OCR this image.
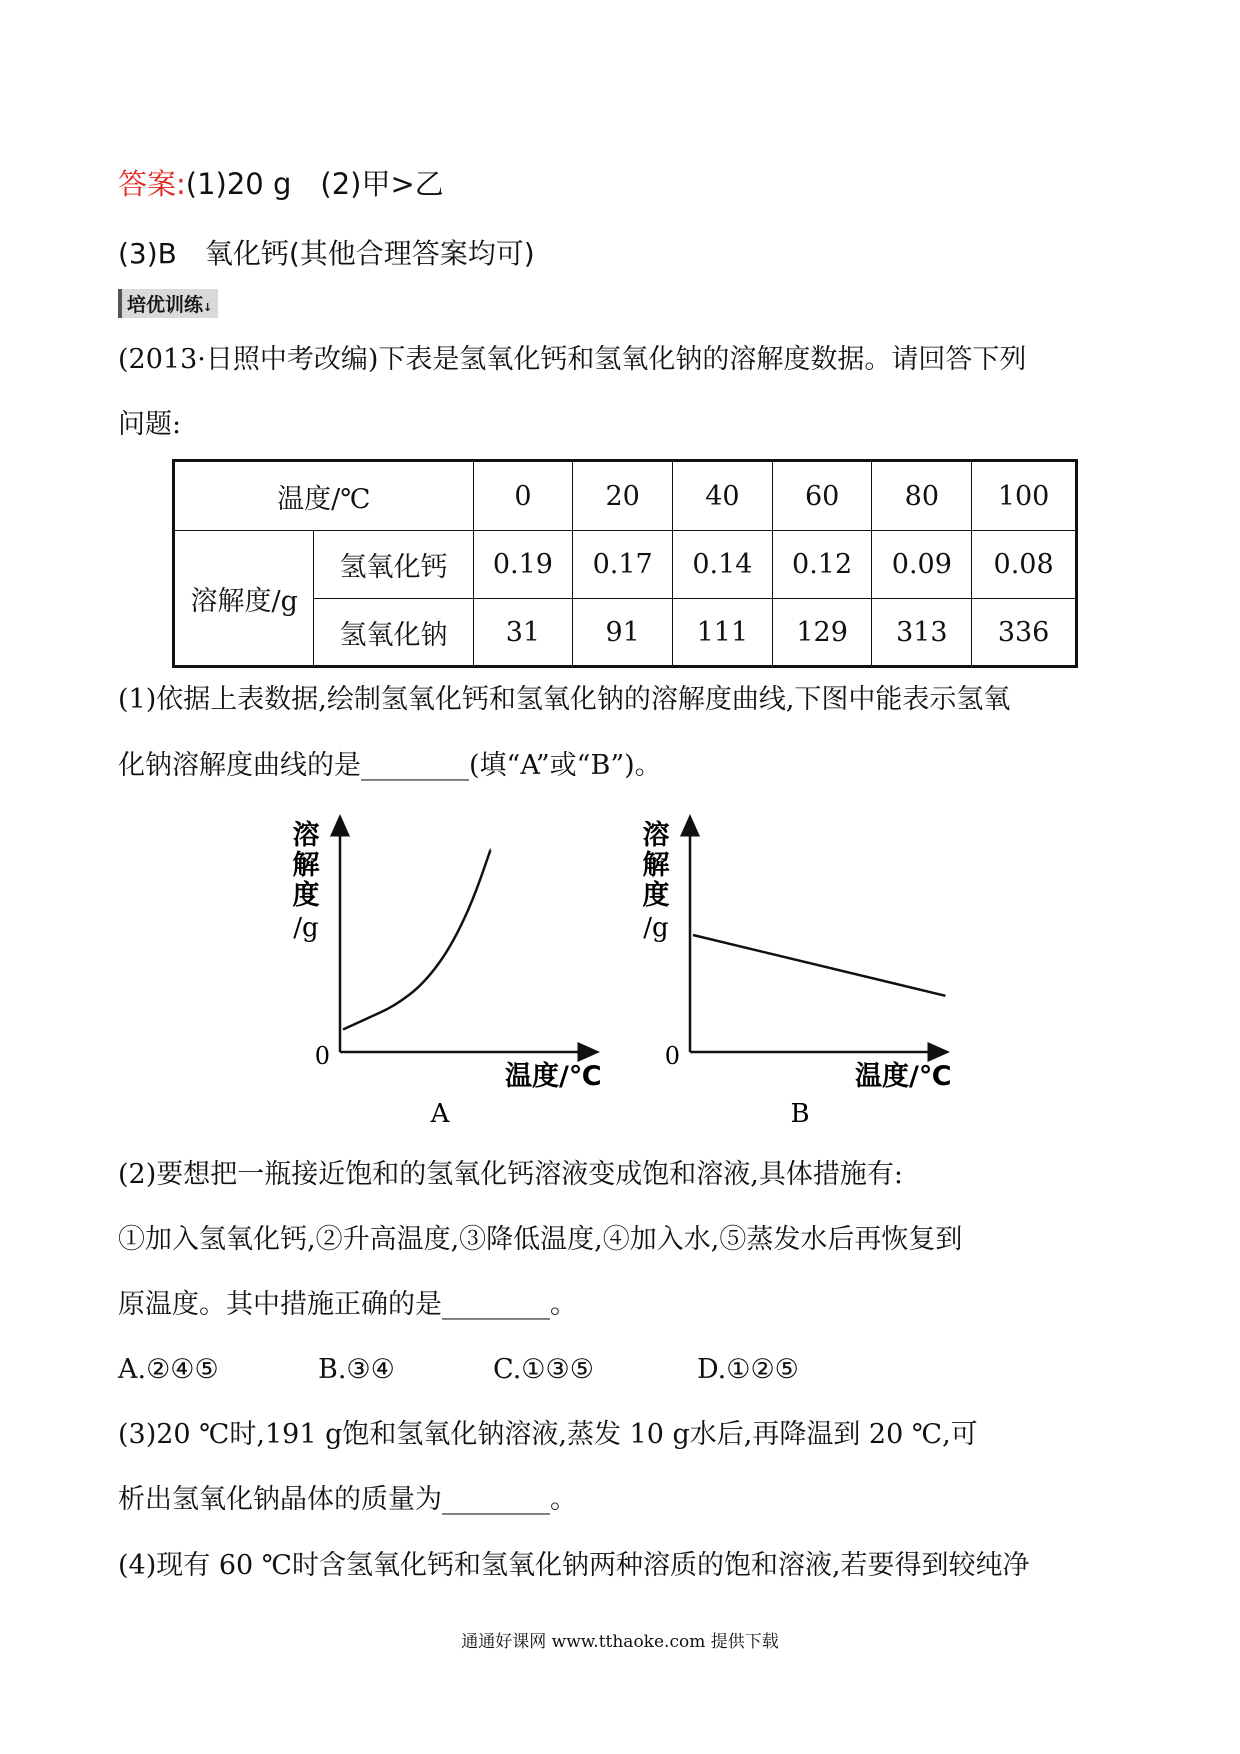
答案:(1)20 g (2)甲>乙
(3)B 氧化钙(其他合理答案均可)
培优训练↓
(2013·日照中考改编)下表是氢氧化钙和氢氧化钠的溶解度数据。请回答下列
问题:
温度/℃		0	20	40	60	80	100
溶解度/g	氢氧化钙	0.19	0.17	0.14	0.12	0.09	0.08
	氢氧化钠	31	91	111	129	313	336
(1)依据上表数据,绘制氢氧化钙和氢氧化钠的溶解度曲线,下图中能表示氢氧
化钠溶解度曲线的是________(填“A”或“B”)。
溶
解
度
/g
0
温度/℃
A
溶
解
度
/g
0
温度/℃
B
(2)要想把一瓶接近饱和的氢氧化钙溶液变成饱和溶液,具体措施有:
①加入氢氧化钙,②升高温度,③降低温度,④加入水,⑤蒸发水后再恢复到
原温度。其中措施正确的是________。
A.②④⑤	B.③④	C.①③⑤	D.①②⑤
(3)20 ℃时,191 g饱和氢氧化钠溶液,蒸发 10 g水后,再降温到 20 ℃,可
析出氢氧化钠晶体的质量为________。
(4)现有 60 ℃时含氢氧化钙和氢氧化钠两种溶质的饱和溶液,若要得到较纯净
通通好课网 www.tthaoke.com 提供下载
